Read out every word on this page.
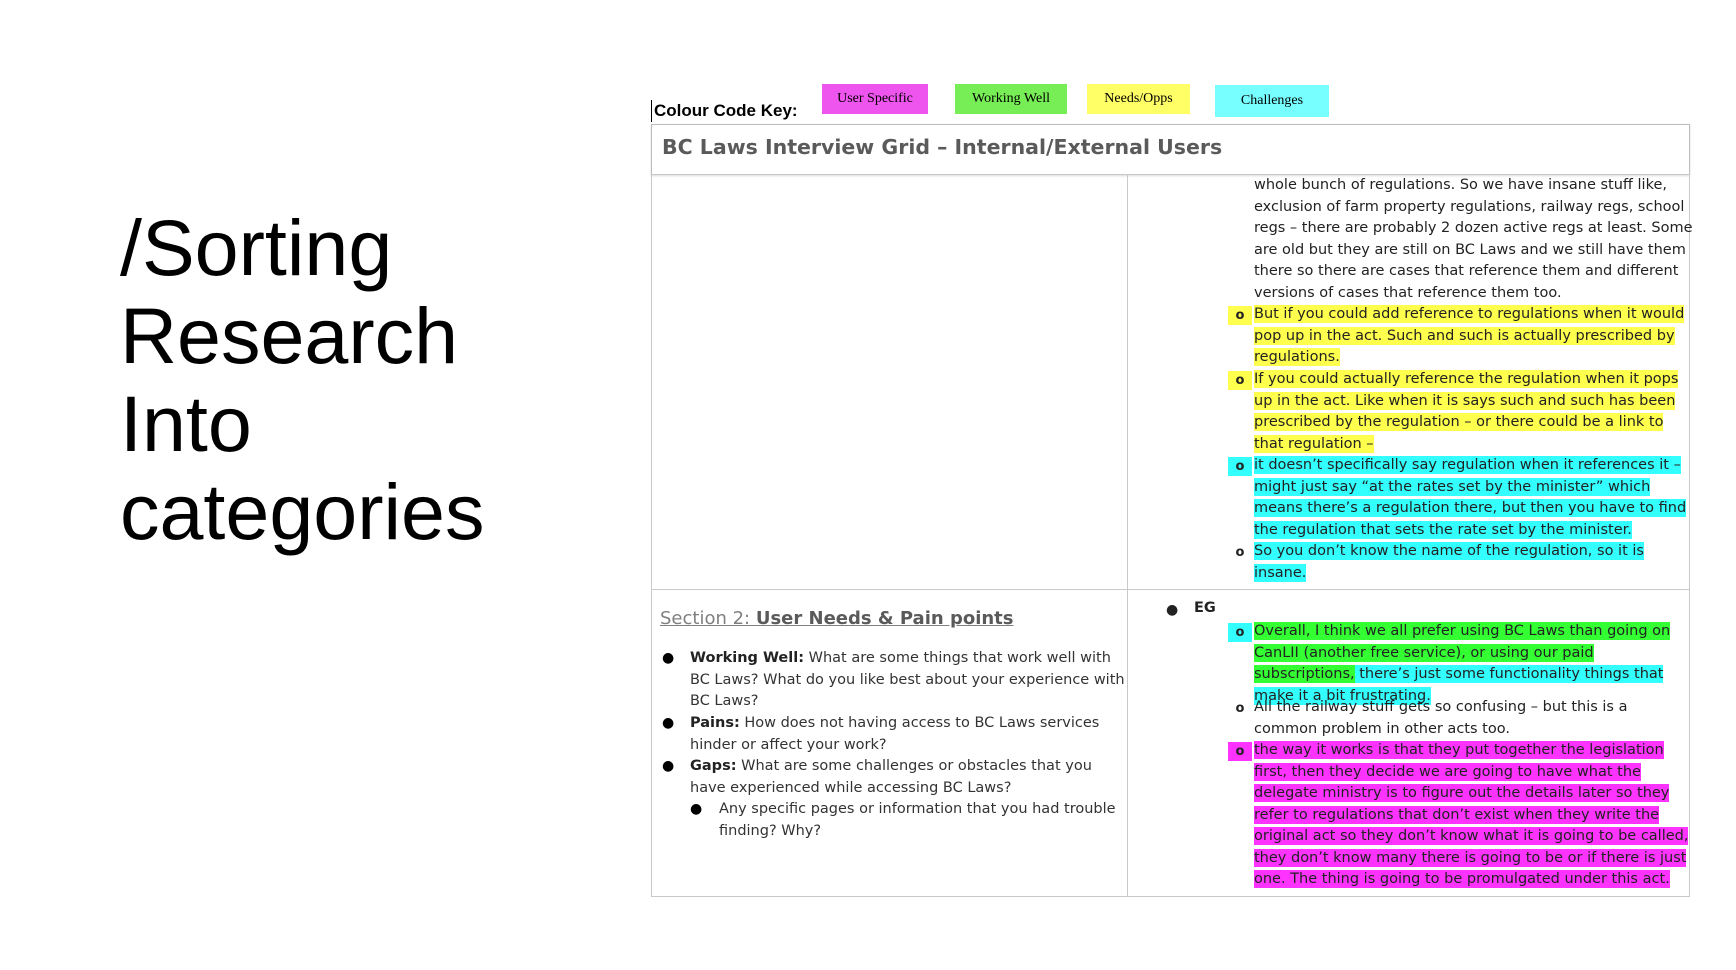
/Sorting
Research
Into
categories
Colour Code Key:
User Specific	Working Well	Needs/Opps	Challenges
BC Laws Interview Grid – Internal/External Users
whole bunch of regulations. So we have insane stuff like,
exclusion of farm property regulations, railway regs, school
regs – there are probably 2 dozen active regs at least. Some
are old but they are still on BC Laws and we still have them
there so there are cases that reference them and different
versions of cases that reference them too.
o But if you could add reference to regulations when it would
pop up in the act. Such and such is actually prescribed by
regulations.
o If you could actually reference the regulation when it pops
up in the act. Like when it is says such and such has been
prescribed by the regulation – or there could be a link to
that regulation –
o it doesn’t specifically say regulation when it references it –
might just say “at the rates set by the minister” which
means there’s a regulation there, but then you have to find
the regulation that sets the rate set by the minister.
o So you don’t know the name of the regulation, so it is
insane.
Section 2: User Needs & Pain points
● Working Well: What are some things that work well with BC Laws? What do you like best about your experience with BC Laws?
● Pains: How does not having access to BC Laws services hinder or affect your work?
● Gaps: What are some challenges or obstacles that you have experienced while accessing BC Laws?
● Any specific pages or information that you had trouble finding? Why?
● EG
o Overall, I think we all prefer using BC Laws than going on
CanLII (another free service), or using our paid
subscriptions, there’s just some functionality things that
make it a bit frustrating.
o All the railway stuff gets so confusing – but this is a
common problem in other acts too.
o the way it works is that they put together the legislation
first, then they decide we are going to have what the
delegate ministry is to figure out the details later so they
refer to regulations that don’t exist when they write the
original act so they don’t know what it is going to be called,
they don’t know many there is going to be or if there is just
one. The thing is going to be promulgated under this act.
